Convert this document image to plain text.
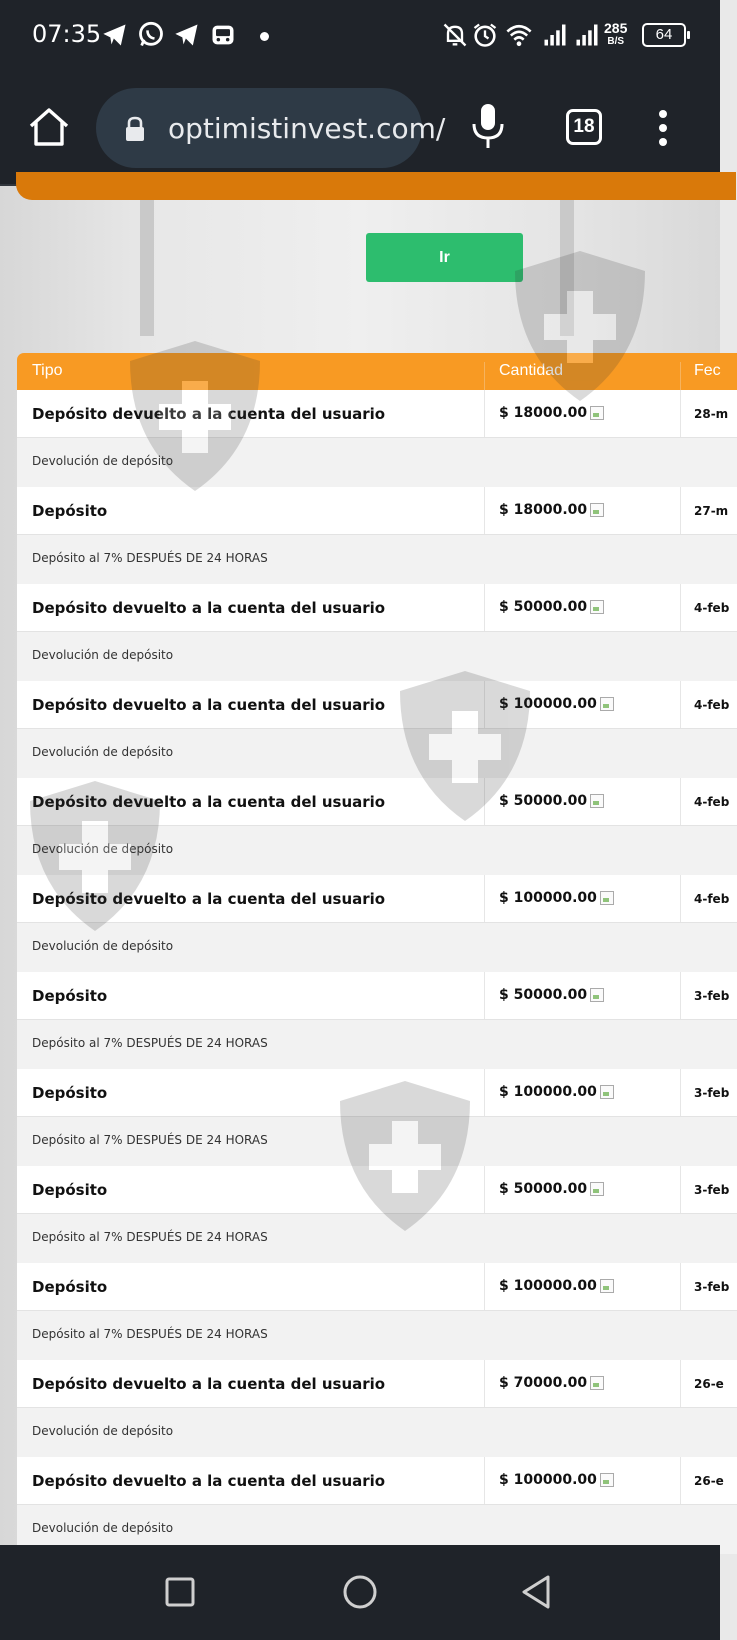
07:35	285
B/S	64
optimistinvest.com/	18
Ir
Tipo	Cantidad	Fec
Depósito devuelto a la cuenta del usuario	$ 18000.00	28-m
Devolución de depósito
Depósito	$ 18000.00	27-m
Depósito al 7% DESPUÉS DE 24 HORAS
Depósito devuelto a la cuenta del usuario	$ 50000.00	4-feb
Devolución de depósito
Depósito devuelto a la cuenta del usuario	$ 100000.00	4-feb
Devolución de depósito
Depósito devuelto a la cuenta del usuario	$ 50000.00	4-feb
Devolución de depósito
Depósito devuelto a la cuenta del usuario	$ 100000.00	4-feb
Devolución de depósito
Depósito	$ 50000.00	3-feb
Depósito al 7% DESPUÉS DE 24 HORAS
Depósito	$ 100000.00	3-feb
Depósito al 7% DESPUÉS DE 24 HORAS
Depósito	$ 50000.00	3-feb
Depósito al 7% DESPUÉS DE 24 HORAS
Depósito	$ 100000.00	3-feb
Depósito al 7% DESPUÉS DE 24 HORAS
Depósito devuelto a la cuenta del usuario	$ 70000.00	26-e
Devolución de depósito
Depósito devuelto a la cuenta del usuario	$ 100000.00	26-e
Devolución de depósito
